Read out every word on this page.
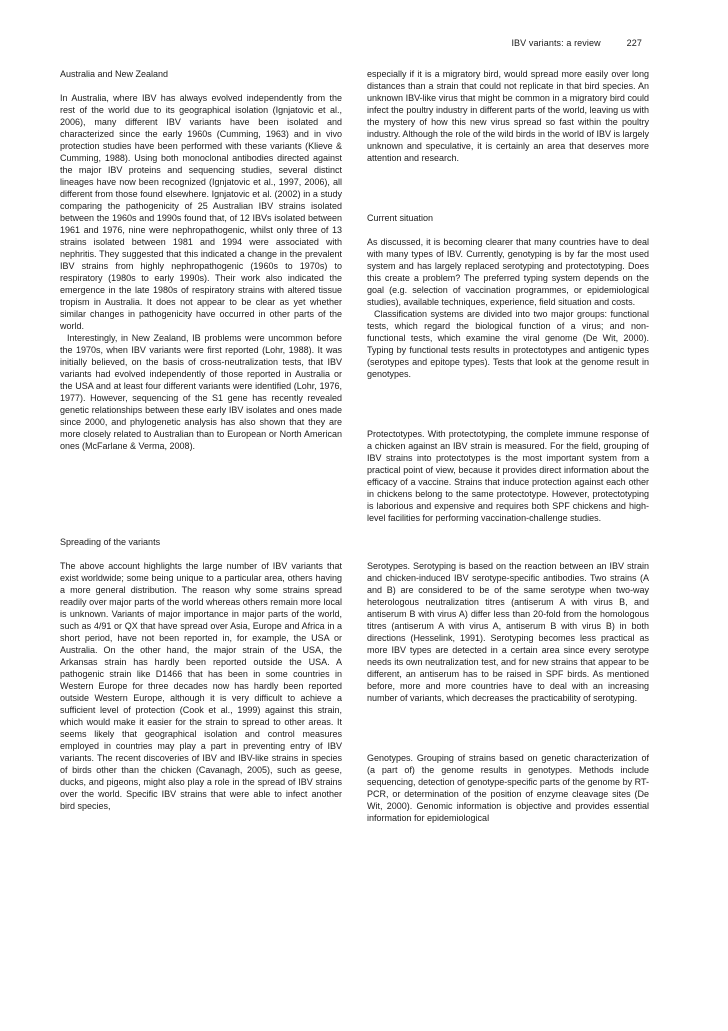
IBV variants: a review	227
Australia and New Zealand

In Australia, where IBV has always evolved independently from the rest of the world due to its geographical isolation (Ignjatovic et al., 2006), many different IBV variants have been isolated and characterized since the early 1960s (Cumming, 1963) and in vivo protection studies have been performed with these variants (Klieve & Cumming, 1988). Using both monoclonal antibodies directed against the major IBV proteins and sequencing studies, several distinct lineages have now been recognized (Ignjatovic et al., 1997, 2006), all different from those found elsewhere. Ignjatovic et al. (2002) in a study comparing the pathogenicity of 25 Australian IBV strains isolated between the 1960s and 1990s found that, of 12 IBVs isolated between 1961 and 1976, nine were nephropathogenic, whilst only three of 13 strains isolated between 1981 and 1994 were associated with nephritis. They suggested that this indicated a change in the prevalent IBV strains from highly nephropathogenic (1960s to 1970s) to respiratory (1980s to early 1990s). Their work also indicated the emergence in the late 1980s of respiratory strains with altered tissue tropism in Australia. It does not appear to be clear as yet whether similar changes in pathogenicity have occurred in other parts of the world.

Interestingly, in New Zealand, IB problems were uncommon before the 1970s, when IBV variants were first reported (Lohr, 1988). It was initially believed, on the basis of cross-neutralization tests, that IBV variants had evolved independently of those reported in Australia or the USA and at least four different variants were identified (Lohr, 1976, 1977). However, sequencing of the S1 gene has recently revealed genetic relationships between these early IBV isolates and ones made since 2000, and phylogenetic analysis has also shown that they are more closely related to Australian than to European or North American ones (McFarlane & Verma, 2008).

Spreading of the variants

The above account highlights the large number of IBV variants that exist worldwide; some being unique to a particular area, others having a more general distribution. The reason why some strains spread readily over major parts of the world whereas others remain more local is unknown. Variants of major importance in major parts of the world, such as 4/91 or QX that have spread over Asia, Europe and Africa in a short period, have not been reported in, for example, the USA or Australia. On the other hand, the major strain of the USA, the Arkansas strain has hardly been reported outside the USA. A pathogenic strain like D1466 that has been in some countries in Western Europe for three decades now has hardly been reported outside Western Europe, although it is very difficult to achieve a sufficient level of protection (Cook et al., 1999) against this strain, which would make it easier for the strain to spread to other areas. It seems likely that geographical isolation and control measures employed in countries may play a part in preventing entry of IBV variants. The recent discoveries of IBV and IBV-like strains in species of birds other than the chicken (Cavanagh, 2005), such as geese, ducks, and pigeons, might also play a role in the spread of IBV strains over the world. Specific IBV strains that were able to infect another bird species,

especially if it is a migratory bird, would spread more easily over long distances than a strain that could not replicate in that bird species. An unknown IBV-like virus that might be common in a migratory bird could infect the poultry industry in different parts of the world, leaving us with the mystery of how this new virus spread so fast within the poultry industry. Although the role of the wild birds in the world of IBV is largely unknown and speculative, it is certainly an area that deserves more attention and research.

Current situation

As discussed, it is becoming clearer that many countries have to deal with many types of IBV. Currently, genotyping is by far the most used system and has largely replaced serotyping and protectotyping. Does this create a problem? The preferred typing system depends on the goal (e.g. selection of vaccination programmes, or epidemiological studies), available techniques, experience, field situation and costs.

Classification systems are divided into two major groups: functional tests, which regard the biological function of a virus; and non-functional tests, which examine the viral genome (De Wit, 2000). Typing by functional tests results in protectotypes and antigenic types (serotypes and epitope types). Tests that look at the genome result in genotypes.

Protectotypes. With protectotyping, the complete immune response of a chicken against an IBV strain is measured. For the field, grouping of IBV strains into protectotypes is the most important system from a practical point of view, because it provides direct information about the efficacy of a vaccine. Strains that induce protection against each other in chickens belong to the same protectotype. However, protectotyping is laborious and expensive and requires both SPF chickens and high-level facilities for performing vaccination-challenge studies.

Serotypes. Serotyping is based on the reaction between an IBV strain and chicken-induced IBV serotype-specific antibodies. Two strains (A and B) are considered to be of the same serotype when two-way heterologous neutralization titres (antiserum A with virus B, and antiserum B with virus A) differ less than 20-fold from the homologous titres (antiserum A with virus A, antiserum B with virus B) in both directions (Hesselink, 1991). Serotyping becomes less practical as more IBV types are detected in a certain area since every serotype needs its own neutralization test, and for new strains that appear to be different, an antiserum has to be raised in SPF birds. As mentioned before, more and more countries have to deal with an increasing number of variants, which decreases the practicability of serotyping.

Genotypes. Grouping of strains based on genetic characterization of (a part of) the genome results in genotypes. Methods include sequencing, detection of genotype-specific parts of the genome by RT-PCR, or determination of the position of enzyme cleavage sites (De Wit, 2000). Genomic information is objective and provides essential information for epidemiological
